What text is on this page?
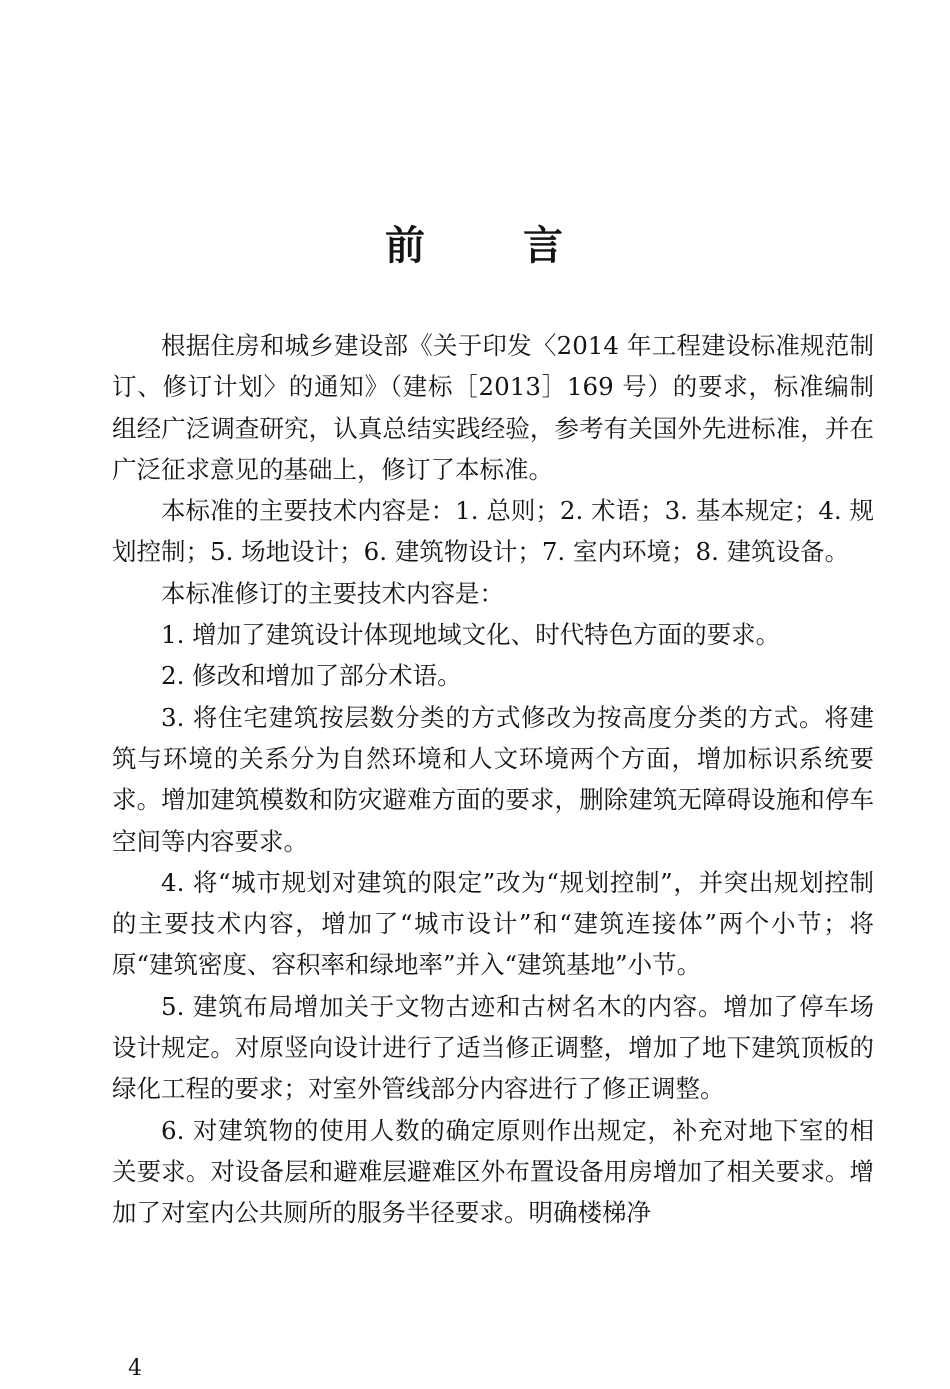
前 言

根据住房和城乡建设部《关于印发〈2014 年工程建设标准规范制订、修订计划〉的通知》（建标［2013］169 号）的要求，标准编制组经广泛调查研究，认真总结实践经验，参考有关国外先进标准，并在广泛征求意见的基础上，修订了本标准。

本标准的主要技术内容是：1. 总则；2. 术语；3. 基本规定；4. 规划控制；5. 场地设计；6. 建筑物设计；7. 室内环境；8. 建筑设备。

本标准修订的主要技术内容是：

1. 增加了建筑设计体现地域文化、时代特色方面的要求。

2. 修改和增加了部分术语。

3. 将住宅建筑按层数分类的方式修改为按高度分类的方式。将建筑与环境的关系分为自然环境和人文环境两个方面，增加标识系统要求。增加建筑模数和防灾避难方面的要求，删除建筑无障碍设施和停车空间等内容要求。

4. 将“城市规划对建筑的限定”改为“规划控制”，并突出规划控制的主要技术内容，增加了“城市设计”和“建筑连接体”两个小节；将原“建筑密度、容积率和绿地率”并入“建筑基地”小节。

5. 建筑布局增加关于文物古迹和古树名木的内容。增加了停车场设计规定。对原竖向设计进行了适当修正调整，增加了地下建筑顶板的绿化工程的要求；对室外管线部分内容进行了修正调整。

6. 对建筑物的使用人数的确定原则作出规定，补充对地下室的相关要求。对设备层和避难层避难区外布置设备用房增加了相关要求。增加了对室内公共厕所的服务半径要求。明确楼梯净

4
